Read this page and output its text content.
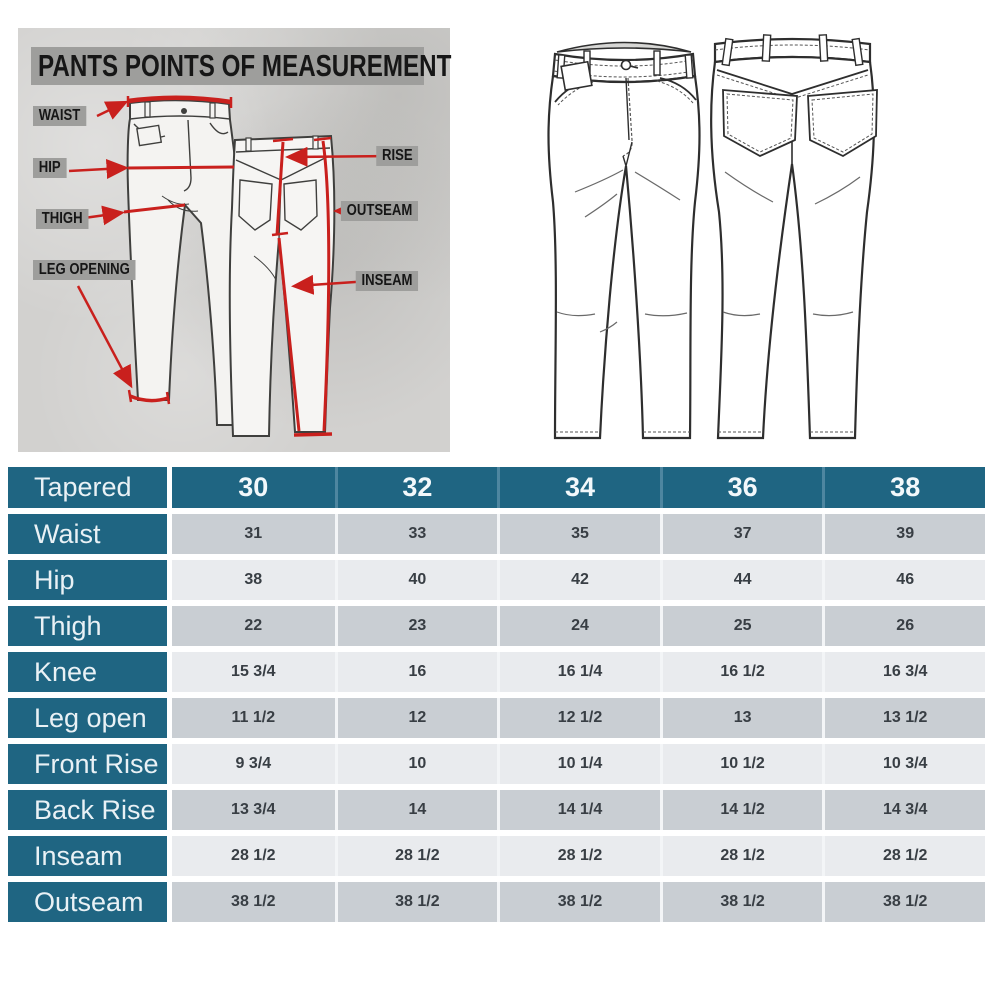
PANTS POINTS OF MEASUREMENT
WAIST
HIP
THIGH
LEG OPENING
RISE
OUTSEAM
INSEAM
Tapered	30	32	34	36	38
Waist	31	33	35	37	39
Hip	38	40	42	44	46
Thigh	22	23	24	25	26
Knee	15 3/4	16	16 1/4	16 1/2	16 3/4
Leg open	11 1/2	12	12 1/2	13	13 1/2
Front Rise	9 3/4	10	10 1/4	10 1/2	10 3/4
Back Rise	13 3/4	14	14 1/4	14 1/2	14 3/4
Inseam	28 1/2	28 1/2	28 1/2	28 1/2	28 1/2
Outseam	38 1/2	38 1/2	38 1/2	38 1/2	38 1/2
